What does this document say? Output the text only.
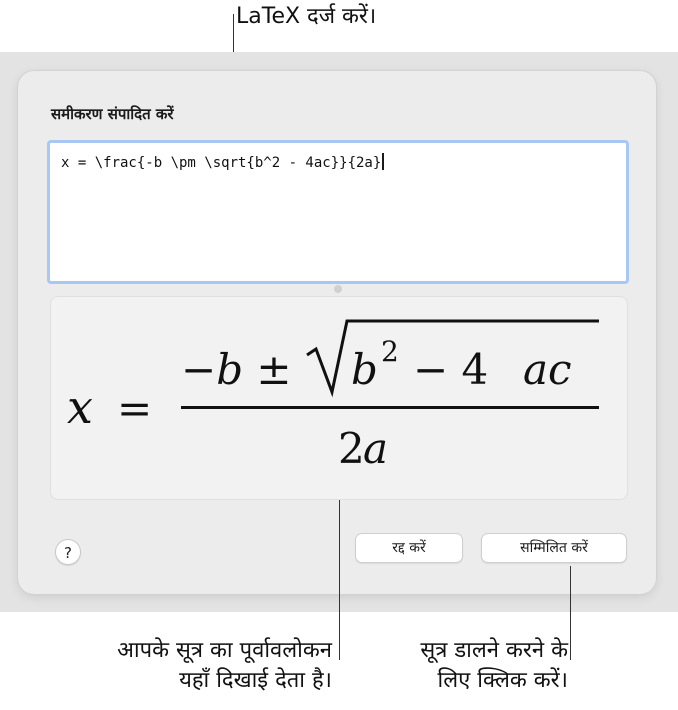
LaTeX दर्ज करें।
समीकरण संपादित करें
x = \frac{-b \pm \sqrt{b^2 - 4ac}}{2a}
x =
−b ± b 2 − 4 ac
2
a
?	रद्द करें	सम्मिलित करें
आपके सूत्र का पूर्वावलोकन
यहाँ दिखाई देता है।
सूत्र डालने करने के
लिए क्लिक करें।
